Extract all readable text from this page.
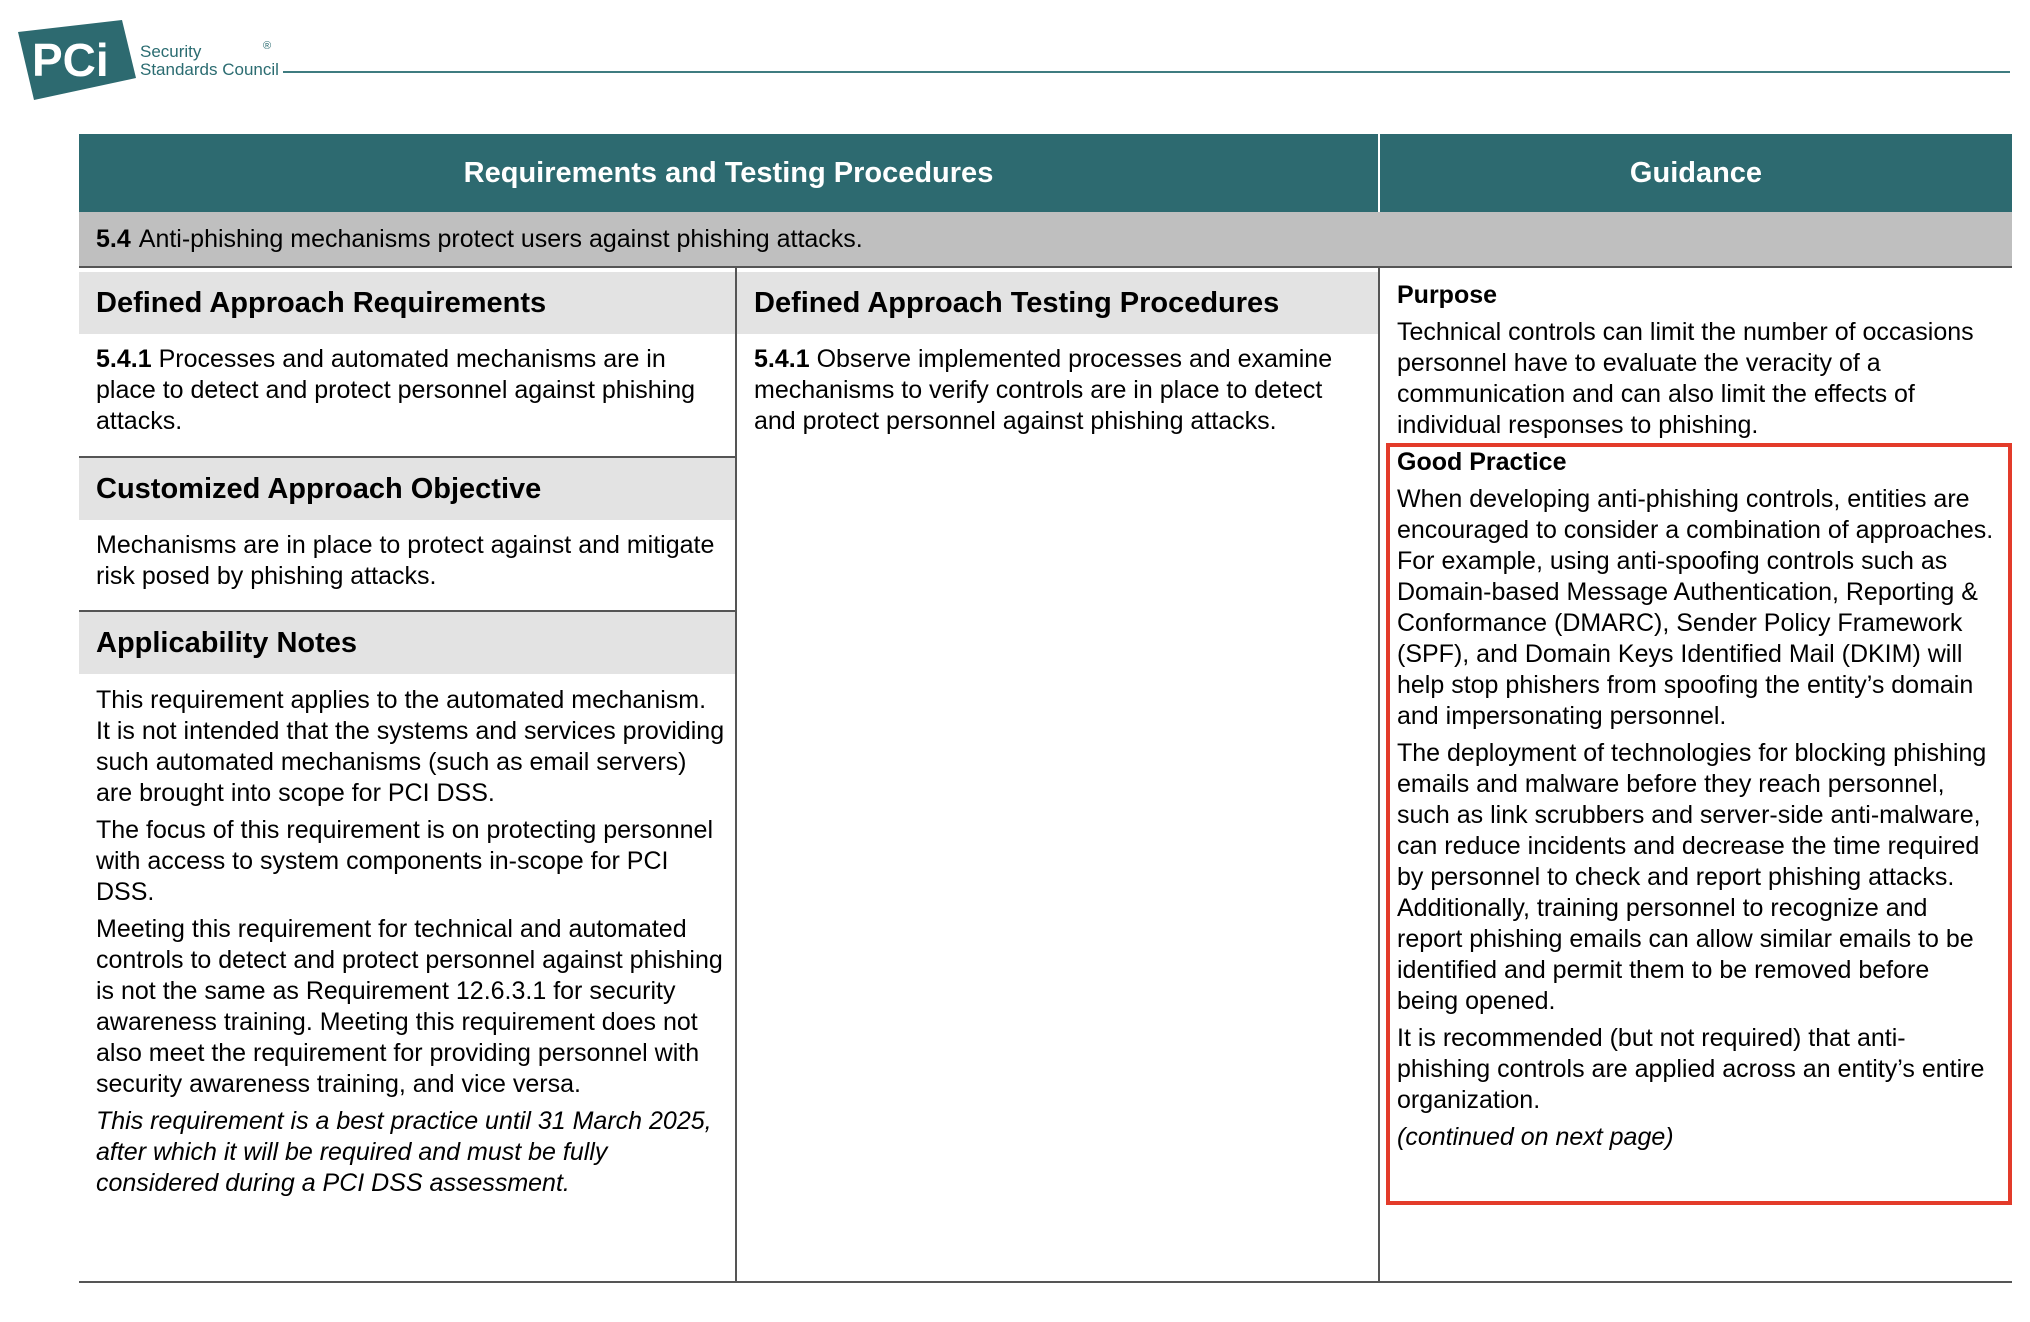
PCi Security
Standards Council
®
Requirements and Testing Procedures	Guidance
5.4 Anti-phishing mechanisms protect users against phishing attacks.
Defined Approach Requirements
5.4.1 Processes and automated mechanisms are in place to detect and protect personnel against phishing attacks.
Customized Approach Objective
Mechanisms are in place to protect against and mitigate risk posed by phishing attacks.
Applicability Notes

This requirement applies to the automated mechanism. It is not intended that the systems and services providing such automated mechanisms (such as email servers) are brought into scope for PCI DSS.

The focus of this requirement is on protecting personnel with access to system components in-scope for PCI DSS.

Meeting this requirement for technical and automated controls to detect and protect personnel against phishing is not the same as Requirement 12.6.3.1 for security awareness training. Meeting this requirement does not also meet the requirement for providing personnel with security awareness training, and vice versa.

This requirement is a best practice until 31 March 2025, after which it will be required and must be fully considered during a PCI DSS assessment.

Defined Approach Testing Procedures
5.4.1 Observe implemented processes and examine mechanisms to verify controls are in place to detect and protect personnel against phishing attacks.
Purpose

Technical controls can limit the number of occasions personnel have to evaluate the veracity of a communication and can also limit the effects of individual responses to phishing.

Good Practice

When developing anti-phishing controls, entities are encouraged to consider a combination of approaches. For example, using anti-spoofing controls such as Domain-based Message Authentication, Reporting & Conformance (DMARC), Sender Policy Framework (SPF), and Domain Keys Identified Mail (DKIM) will help stop phishers from spoofing the entity’s domain and impersonating personnel.

The deployment of technologies for blocking phishing emails and malware before they reach personnel, such as link scrubbers and server-side anti-malware, can reduce incidents and decrease the time required by personnel to check and report phishing attacks. Additionally, training personnel to recognize and report phishing emails can allow similar emails to be identified and permit them to be removed before being opened.

It is recommended (but not required) that anti-phishing controls are applied across an entity’s entire organization.

(continued on next page)
